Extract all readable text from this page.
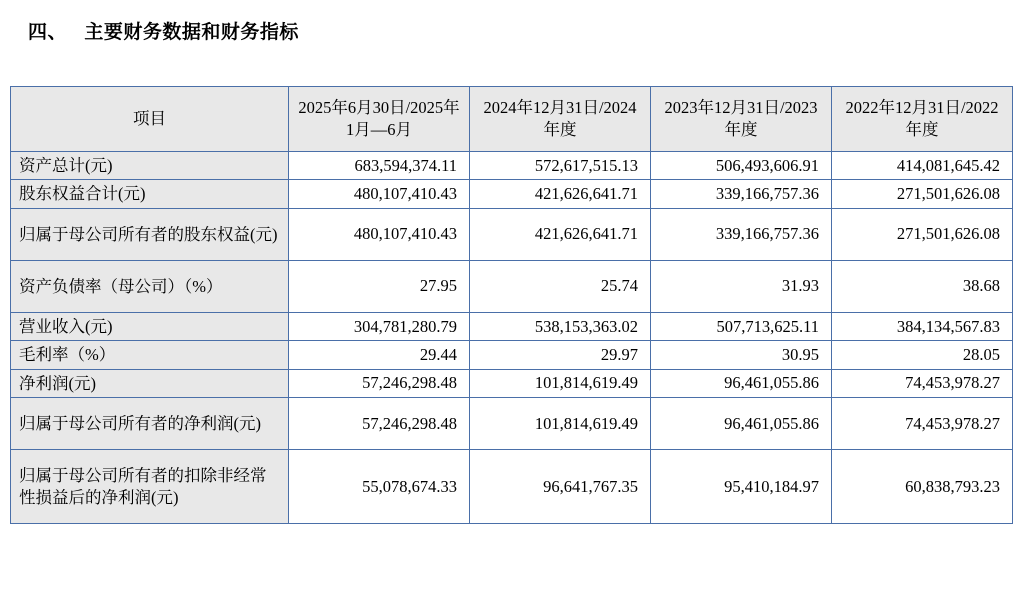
四、   主要财务数据和财务指标
项目	2025年6月30日/2025年1月—6月	2024年12月31日/2024年度	2023年12月31日/2023年度	2022年12月31日/2022年度
资产总计(元)	683,594,374.11	572,617,515.13	506,493,606.91	414,081,645.42
股东权益合计(元)	480,107,410.43	421,626,641.71	339,166,757.36	271,501,626.08
归属于母公司所有者的股东权益(元)	480,107,410.43	421,626,641.71	339,166,757.36	271,501,626.08
资产负债率（母公司）（%）	27.95	25.74	31.93	38.68
营业收入(元)	304,781,280.79	538,153,363.02	507,713,625.11	384,134,567.83
毛利率（%）	29.44	29.97	30.95	28.05
净利润(元)	57,246,298.48	101,814,619.49	96,461,055.86	74,453,978.27
归属于母公司所有者的净利润(元)	57,246,298.48	101,814,619.49	96,461,055.86	74,453,978.27
归属于母公司所有者的扣除非经常性损益后的净利润(元)	55,078,674.33	96,641,767.35	95,410,184.97	60,838,793.23
